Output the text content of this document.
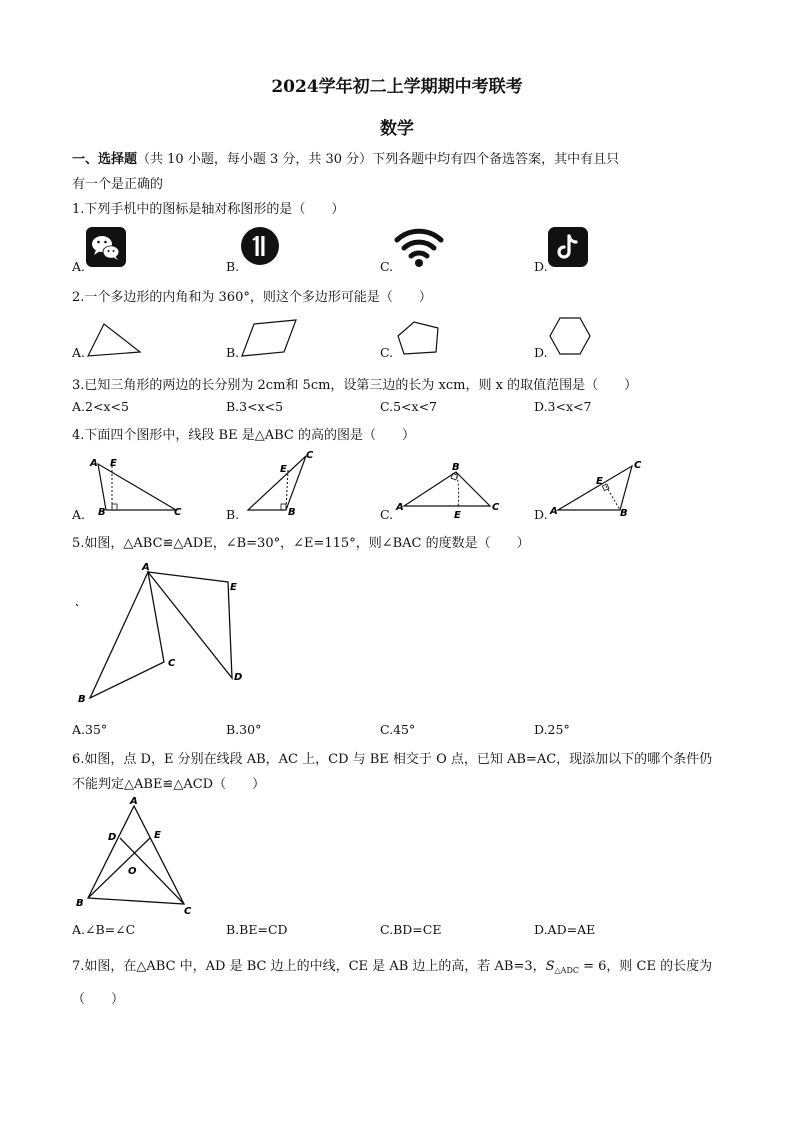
2024学年初二上学期期中考联考
数学
一、选择题（共 10 小题，每小题 3 分，共 30 分）下列各题中均有四个备选答案，其中有且只
有一个是正确的
1.下列手机中的图标是轴对称图形的是（　　）
A.	B.	C.	D.
2.一个多边形的内角和为 360°，则这个多边形可能是（　　）
A.	B.	C.	D.
3.已知三角形的两边的长分别为 2cm和 5cm，设第三边的长为 xcm，则 x 的取值范围是（　　）
A.2<x<5	B.3<x<5	C.5<x<7	D.3<x<7
4.下面四个图形中，线段 BE 是△ABC 的高的图是（　　）
A.	B.	C.	D.
A E
B	C
E
C
B
B
A	C
E
E
C
A	B
5.如图，△ABC≌△ADE，∠B=30°，∠E=115°，则∠BAC 的度数是（　　）
A
E
C
B
D
A.35°	B.30°	C.45°	D.25°
6.如图，点 D，E 分别在线段 AB，AC 上，CD 与 BE 相交于 O 点，已知 AB=AC，现添加以下的哪个条件仍
不能判定△ABE≌△ACD（　　）
A
D	E
O
B
C
A.∠B=∠C	B.BE=CD	C.BD=CE	D.AD=AE
7.如图，在△ABC 中，AD 是 BC 边上的中线，CE 是 AB 边上的高，若 AB=3，$S_{\triangle ADC} = 6$，则 CE 的长度为
（　　）
